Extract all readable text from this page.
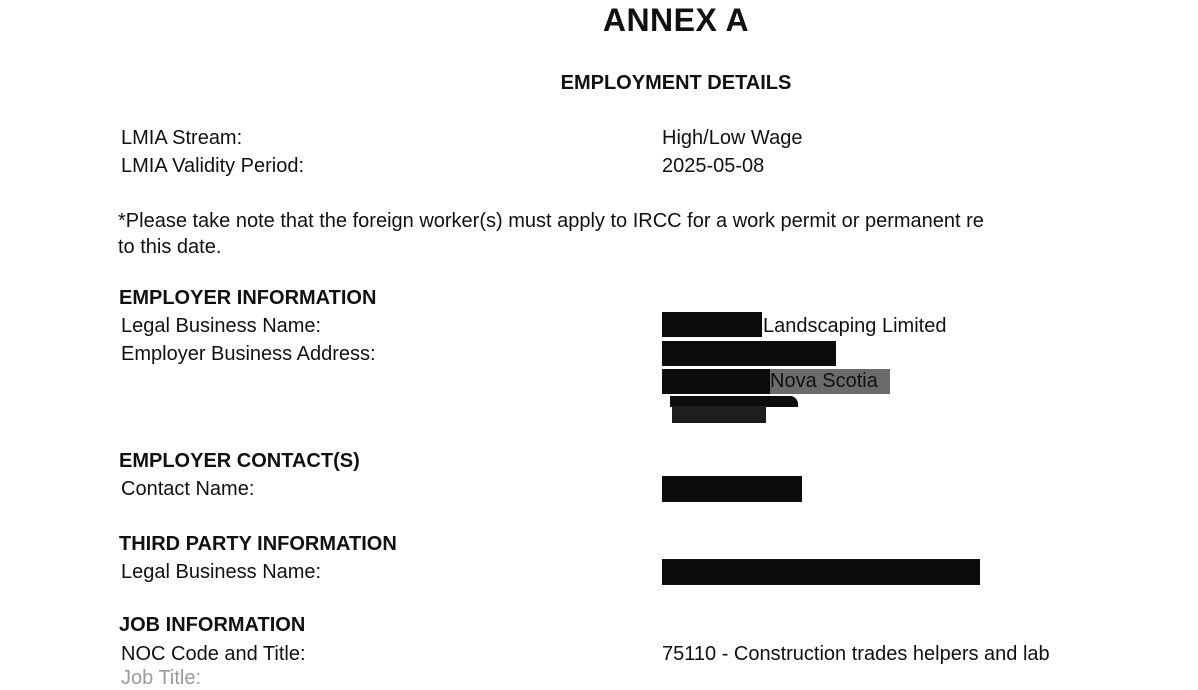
ANNEX A
EMPLOYMENT DETAILS
LMIA Stream:	High/Low Wage
LMIA Validity Period:	2025-05-08
*Please take note that the foreign worker(s) must apply to IRCC for a work permit or permanent re
to this date.
EMPLOYER INFORMATION
Legal Business Name:	Landscaping Limited
Employer Business Address:
Nova Scotia
EMPLOYER CONTACT(S)
Contact Name:
THIRD PARTY INFORMATION
Legal Business Name:
JOB INFORMATION
NOC Code and Title:	75110 - Construction trades helpers and lab
Job Title:
